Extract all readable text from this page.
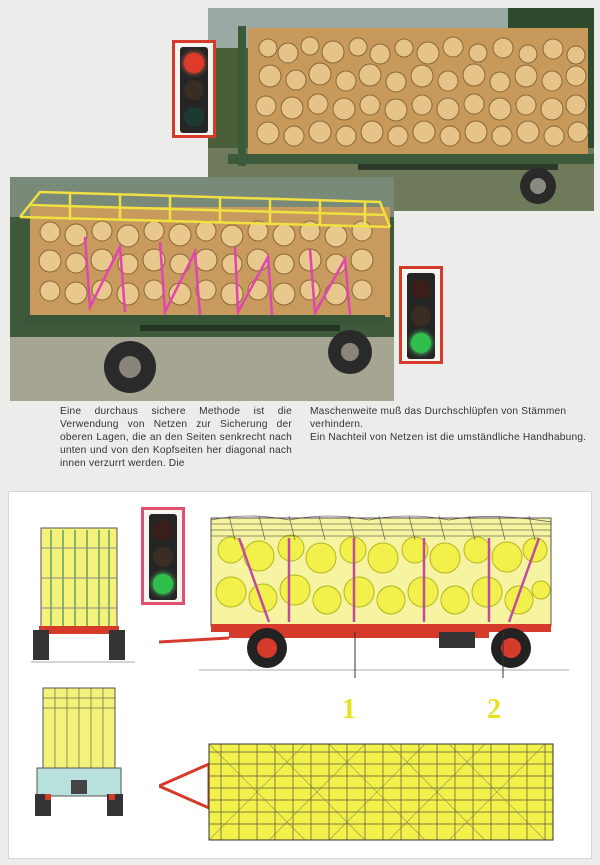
Eine durchaus sichere Methode ist die Verwendung von Netzen zur Sicherung der oberen Lagen, die an den Seiten senkrecht nach unten und von den Kopfseiten her diagonal nach innen verzurrt werden. Die

Maschenweite muß das Durchschlüpfen von Stämmen verhindern.

Ein Nachteil von Netzen ist die umständliche Handhabung.

1	2
